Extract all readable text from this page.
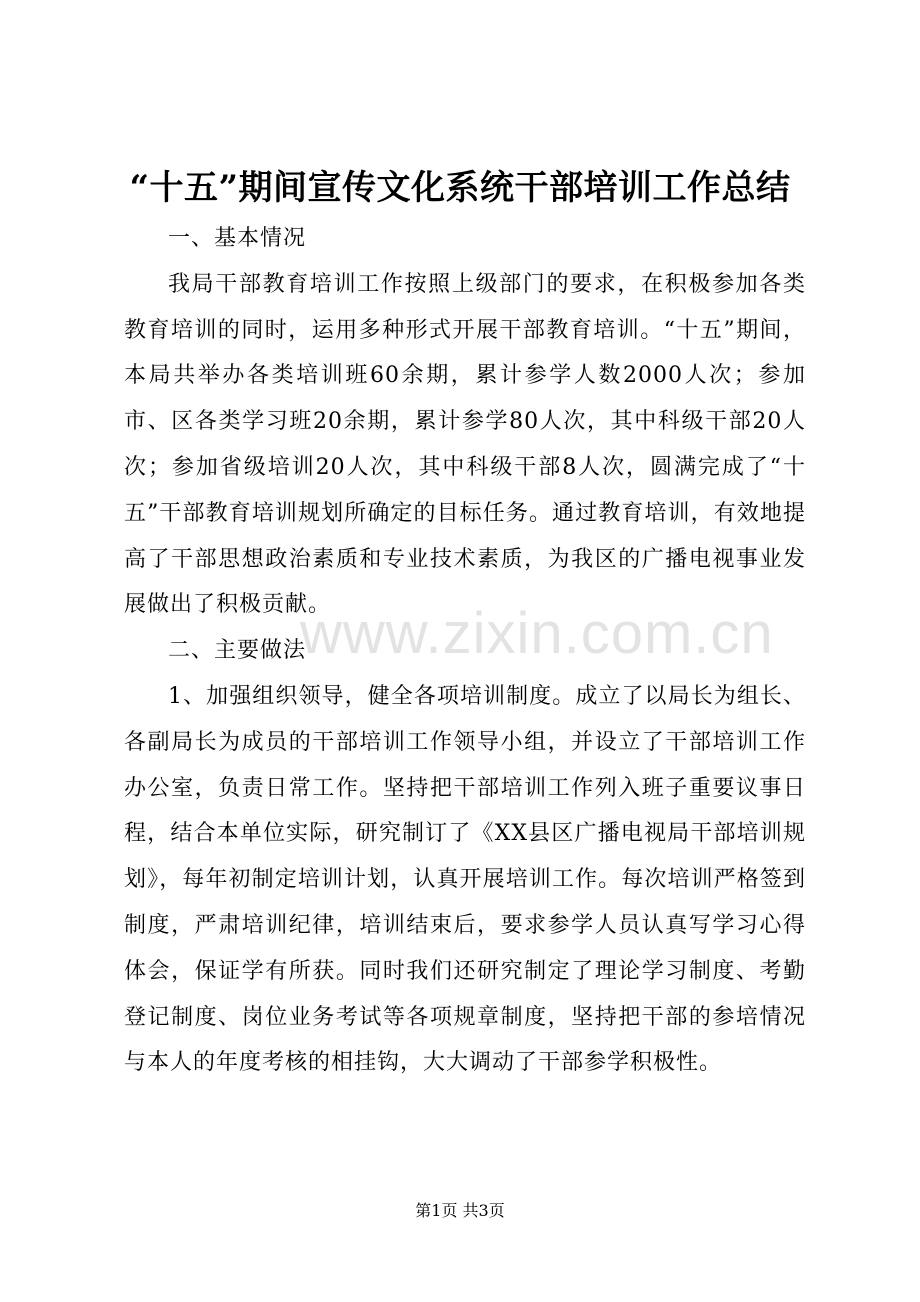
“十五”期间宣传文化系统干部培训工作总结

一、基本情况

我局干部教育培训工作按照上级部门的要求，在积极参加各类教育培训的同时，运用多种形式开展干部教育培训。“十五”期间，本局共举办各类培训班60余期，累计参学人数2000人次；参加市、区各类学习班20余期，累计参学80人次，其中科级干部20人次；参加省级培训20人次，其中科级干部8人次，圆满完成了“十五”干部教育培训规划所确定的目标任务。通过教育培训，有效地提高了干部思想政治素质和专业技术素质，为我区的广播电视事业发展做出了积极贡献。

二、主要做法

1、加强组织领导，健全各项培训制度。成立了以局长为组长、各副局长为成员的干部培训工作领导小组，并设立了干部培训工作办公室，负责日常工作。坚持把干部培训工作列入班子重要议事日程，结合本单位实际，研究制订了《XX县区广播电视局干部培训规划》，每年初制定培训计划，认真开展培训工作。每次培训严格签到制度，严肃培训纪律，培训结束后，要求参学人员认真写学习心得体会，保证学有所获。同时我们还研究制定了理论学习制度、考勤登记制度、岗位业务考试等各项规章制度，坚持把干部的参培情况与本人的年度考核的相挂钩，大大调动了干部参学积极性。

www.zixin.com.cn
第1页 共3页
